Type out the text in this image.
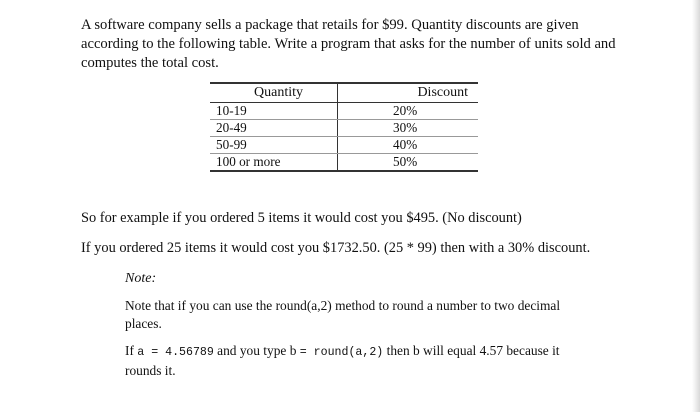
A software company sells a package that retails for $99. Quantity discounts are given according to the following table. Write a program that asks for the number of units sold and computes the total cost.

Quantity	Discount
10-19	20%
20-49	30%
50-99	40%
100 or more	50%

So for example if you ordered 5 items it would cost you $495. (No discount)

If you ordered 25 items it would cost you $1732.50. (25 * 99) then with a 30% discount.

Note:

Note that if you can use the round(a,2) method to round a number to two decimal places.

If a = 4.56789 and you type b = round(a,2) then b will equal 4.57 because it rounds it.
